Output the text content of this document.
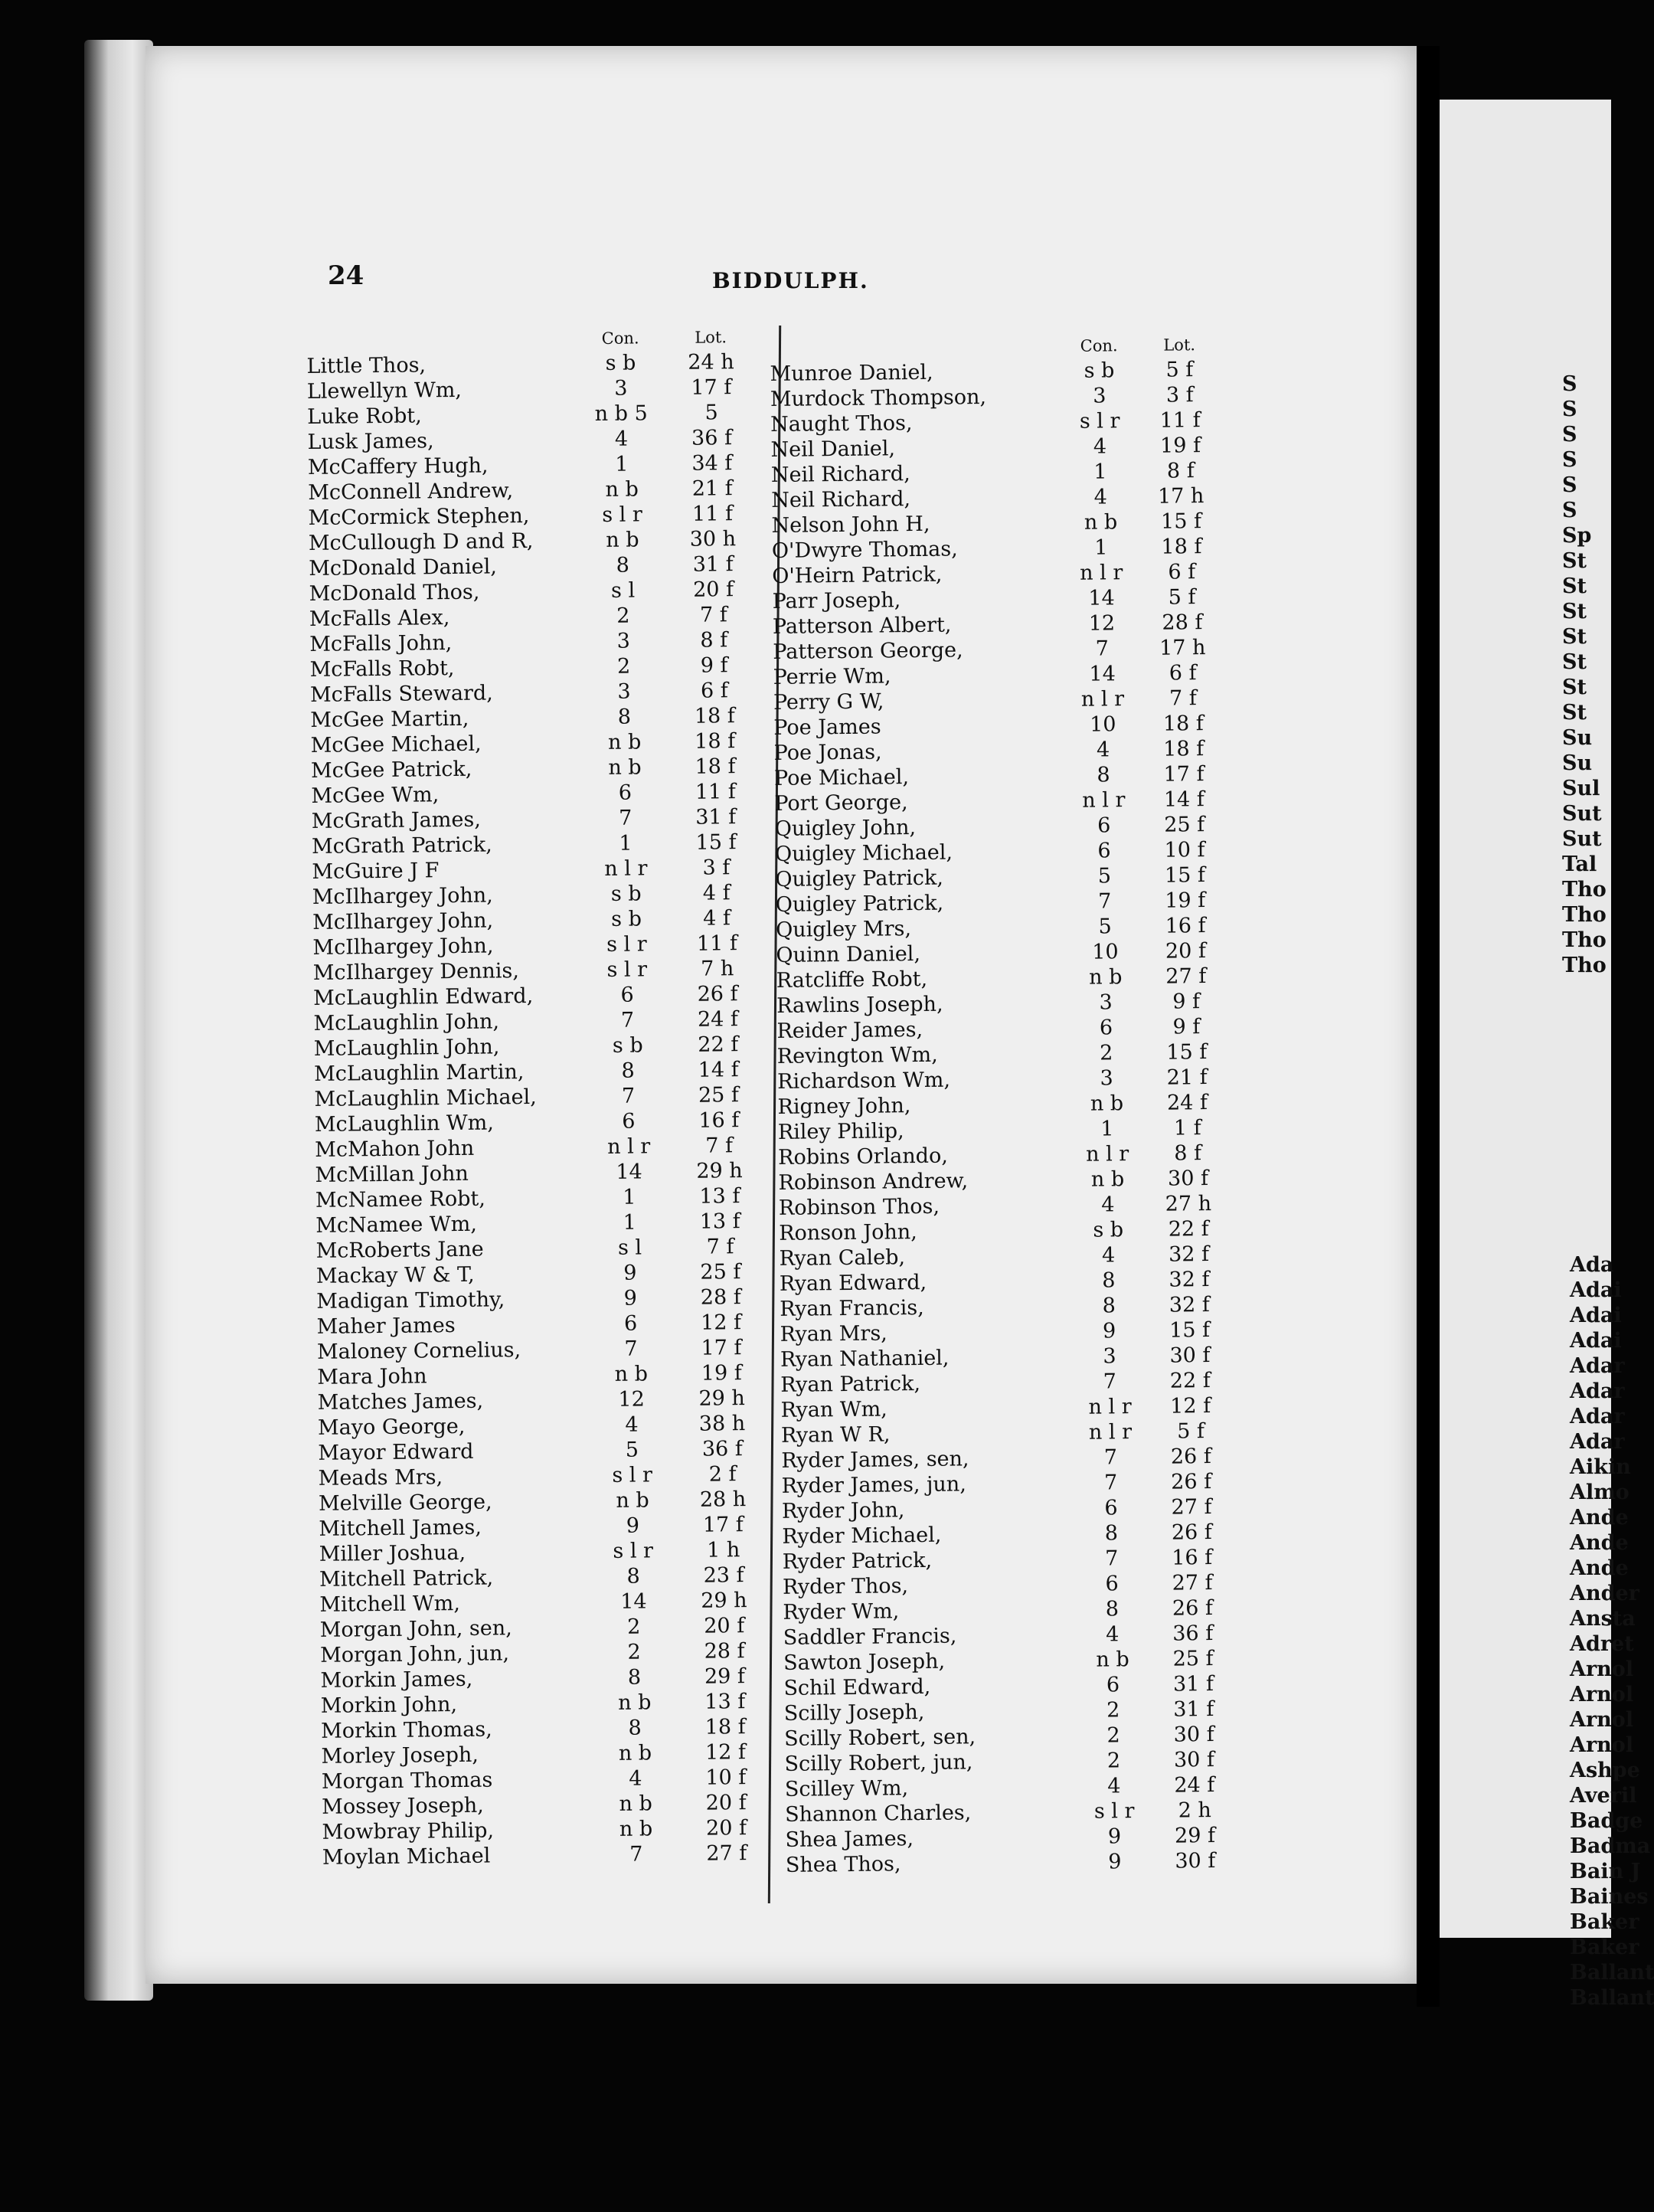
S
S
S
S
S
S
Sp
St
St
St
St
St
St
St
Su
Su
Sul
Sut
Sut
Tal
Tho
Tho
Tho
Tho
Ada
Adai
Adai
Adai
Adar
Adar
Adar
Adar
Aikin
Almo
Ande
Ande
Ande
Ander
Ansta
Adret
Arnol
Arnol
Arnol
Arnol
Ashpe
Averil
Badge
Badma
Bain J
Baines
Baker
Baker
Ballant
Ballant
24	BIDDULPH.
Con.	Lot.
Little Thos,	s b	24 h
Llewellyn Wm,	3	17 f
Luke Robt,	n b 5	5
Lusk James,	4	36 f
McCaffery Hugh,	1	34 f
McConnell Andrew,	n b	21 f
McCormick Stephen,	s l r	11 f
McCullough D and R,	n b	30 h
McDonald Daniel,	8	31 f
McDonald Thos,	s l	20 f
McFalls Alex,	2	7 f
McFalls John,	3	8 f
McFalls Robt,	2	9 f
McFalls Steward,	3	6 f
McGee Martin,	8	18 f
McGee Michael,	n b	18 f
McGee Patrick,	n b	18 f
McGee Wm,	6	11 f
McGrath James,	7	31 f
McGrath Patrick,	1	15 f
McGuire J F	n l r	3 f
McIlhargey John,	s b	4 f
McIlhargey John,	s b	4 f
McIlhargey John,	s l r	11 f
McIlhargey Dennis,	s l r	7 h
McLaughlin Edward,	6	26 f
McLaughlin John,	7	24 f
McLaughlin John,	s b	22 f
McLaughlin Martin,	8	14 f
McLaughlin Michael,	7	25 f
McLaughlin Wm,	6	16 f
McMahon John	n l r	7 f
McMillan John	14	29 h
McNamee Robt,	1	13 f
McNamee Wm,	1	13 f
McRoberts Jane	s l	7 f
Mackay W & T,	9	25 f
Madigan Timothy,	9	28 f
Maher James	6	12 f
Maloney Cornelius,	7	17 f
Mara John	n b	19 f
Matches James,	12	29 h
Mayo George,	4	38 h
Mayor Edward	5	36 f
Meads Mrs,	s l r	2 f
Melville George,	n b	28 h
Mitchell James,	9	17 f
Miller Joshua,	s l r	1 h
Mitchell Patrick,	8	23 f
Mitchell Wm,	14	29 h
Morgan John, sen,	2	20 f
Morgan John, jun,	2	28 f
Morkin James,	8	29 f
Morkin John,	n b	13 f
Morkin Thomas,	8	18 f
Morley Joseph,	n b	12 f
Morgan Thomas	4	10 f
Mossey Joseph,	n b	20 f
Mowbray Philip,	n b	20 f
Moylan Michael	7	27 f
Con.	Lot.
Munroe Daniel,	s b	5 f
Murdock Thompson,	3	3 f
Naught Thos,	s l r	11 f
Neil Daniel,	4	19 f
Neil Richard,	1	8 f
Neil Richard,	4	17 h
Nelson John H,	n b	15 f
O'Dwyre Thomas,	1	18 f
O'Heirn Patrick,	n l r	6 f
Parr Joseph,	14	5 f
Patterson Albert,	12	28 f
Patterson George,	7	17 h
Perrie Wm,	14	6 f
Perry G W,	n l r	7 f
Poe James	10	18 f
Poe Jonas,	4	18 f
Poe Michael,	8	17 f
Port George,	n l r	14 f
Quigley John,	6	25 f
Quigley Michael,	6	10 f
Quigley Patrick,	5	15 f
Quigley Patrick,	7	19 f
Quigley Mrs,	5	16 f
Quinn Daniel,	10	20 f
Ratcliffe Robt,	n b	27 f
Rawlins Joseph,	3	9 f
Reider James,	6	9 f
Revington Wm,	2	15 f
Richardson Wm,	3	21 f
Rigney John,	n b	24 f
Riley Philip,	1	1 f
Robins Orlando,	n l r	8 f
Robinson Andrew,	n b	30 f
Robinson Thos,	4	27 h
Ronson John,	s b	22 f
Ryan Caleb,	4	32 f
Ryan Edward,	8	32 f
Ryan Francis,	8	32 f
Ryan Mrs,	9	15 f
Ryan Nathaniel,	3	30 f
Ryan Patrick,	7	22 f
Ryan Wm,	n l r	12 f
Ryan W R,	n l r	5 f
Ryder James, sen,	7	26 f
Ryder James, jun,	7	26 f
Ryder John,	6	27 f
Ryder Michael,	8	26 f
Ryder Patrick,	7	16 f
Ryder Thos,	6	27 f
Ryder Wm,	8	26 f
Saddler Francis,	4	36 f
Sawton Joseph,	n b	25 f
Schil Edward,	6	31 f
Scilly Joseph,	2	31 f
Scilly Robert, sen,	2	30 f
Scilly Robert, jun,	2	30 f
Scilley Wm,	4	24 f
Shannon Charles,	s l r	2 h
Shea James,	9	29 f
Shea Thos,	9	30 f
